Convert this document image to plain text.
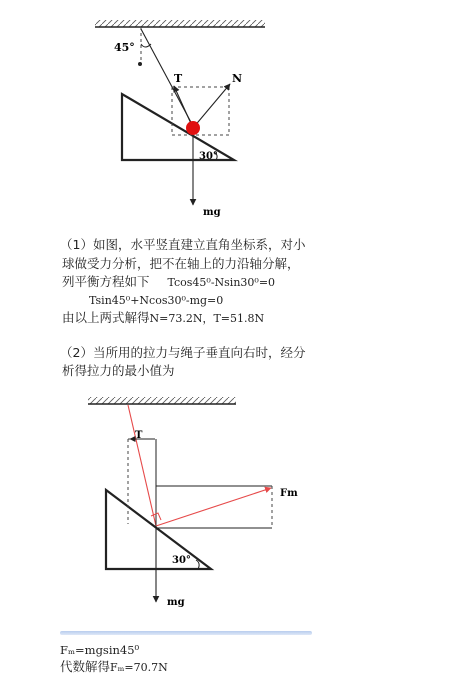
45°
30°
T	N
mg

（1）如图，水平竖直建立直角坐标系，对小

球做受力分析，把不在轴上的力沿轴分解，

列平衡方程如下 Tcos45⁰-Nsin30⁰=0

Tsin45⁰+Ncos30⁰-mg=0

由以上两式解得N=73.2N，T=51.8N

（2）当所用的拉力与绳子垂直向右时，经分

析得拉力的最小值为

30°
T
Fm
mg

Fₘ=mgsin45⁰

代数解得Fₘ=70.7N
